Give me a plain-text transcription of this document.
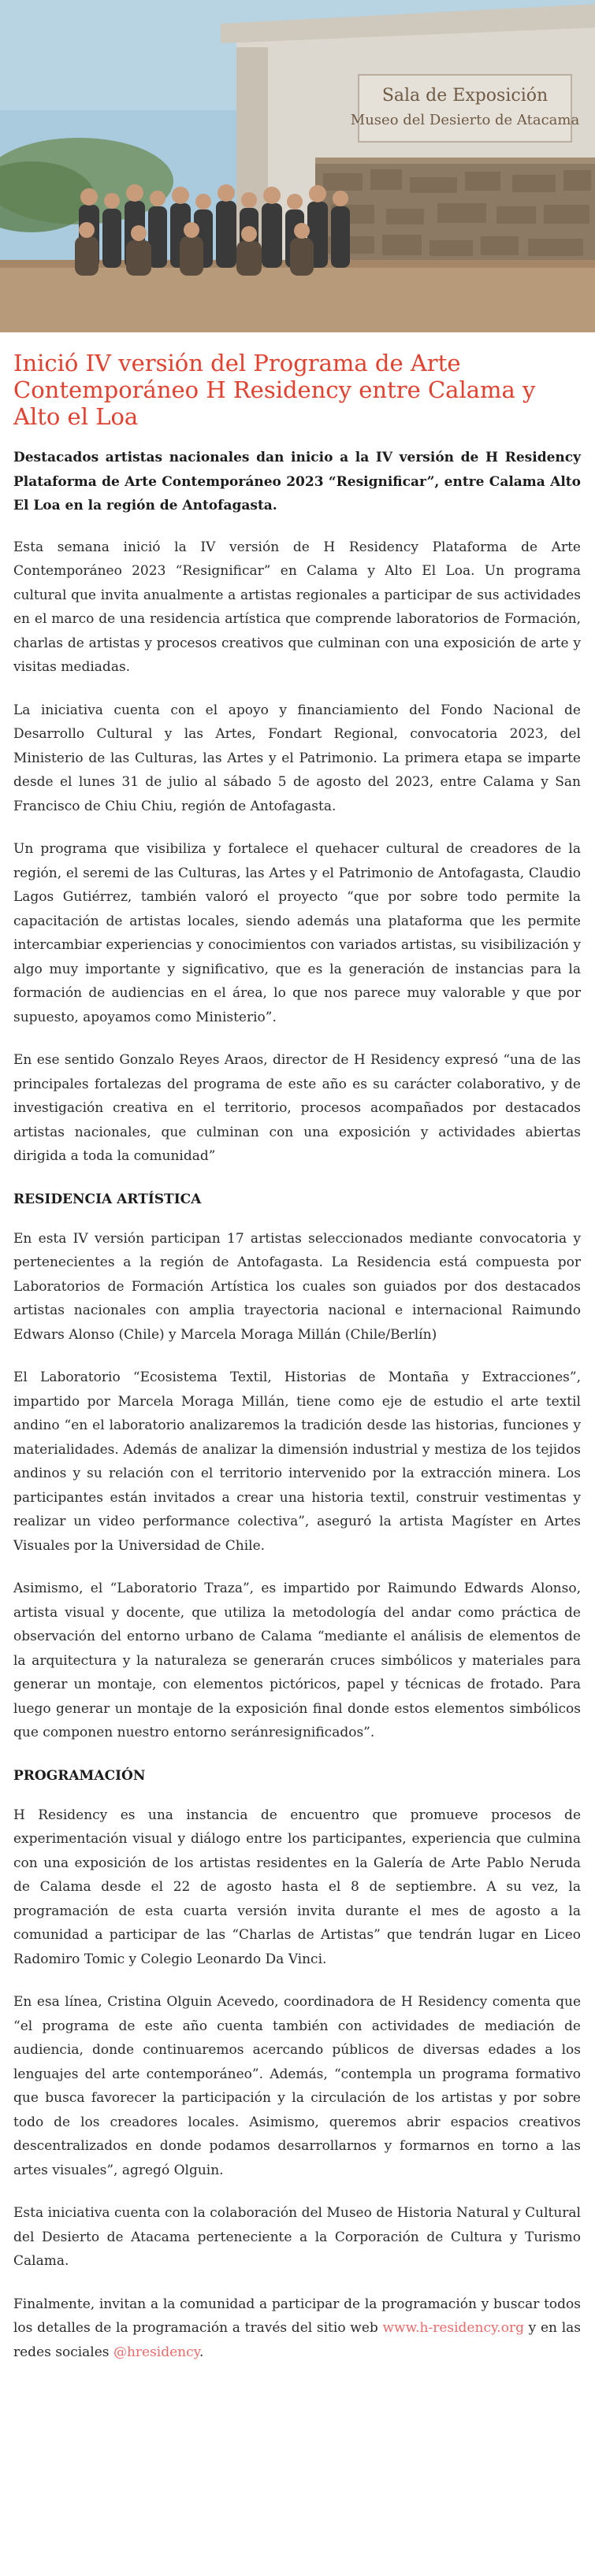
Sala de Exposición
Museo del Desierto de Atacama
Inició IV versión del Programa de Arte Contemporáneo H Residency entre Calama y Alto el Loa
Destacados artistas nacionales dan inicio a la IV versión de H Residency Plataforma de Arte Contemporáneo 2023 “Resignificar”, entre Calama Alto El Loa en la región de Antofagasta.

Esta semana inició la IV versión de H Residency Plataforma de Arte Contemporáneo 2023 “Resignificar” en Calama y Alto El Loa. Un programa cultural que invita anualmente a artistas regionales a participar de sus actividades en el marco de una residencia artística que comprende laboratorios de Formación, charlas de artistas y procesos creativos que culminan con una exposición de arte y visitas mediadas.

La iniciativa cuenta con el apoyo y financiamiento del Fondo Nacional de Desarrollo Cultural y las Artes, Fondart Regional, convocatoria 2023, del Ministerio de las Culturas, las Artes y el Patrimonio. La primera etapa se imparte desde el lunes 31 de julio al sábado 5 de agosto del 2023, entre Calama y San Francisco de Chiu Chiu, región de Antofagasta.

Un programa que visibiliza y fortalece el quehacer cultural de creadores de la región, el seremi de las Culturas, las Artes y el Patrimonio de Antofagasta, Claudio Lagos Gutiérrez, también valoró el proyecto “que por sobre todo permite la capacitación de artistas locales, siendo además una plataforma que les permite intercambiar experiencias y conocimientos con variados artistas, su visibilización y algo muy importante y significativo, que es la generación de instancias para la formación de audiencias en el área, lo que nos parece muy valorable y que por supuesto, apoyamos como Ministerio”.

En ese sentido Gonzalo Reyes Araos, director de H Residency expresó “una de las principales fortalezas del programa de este año es su carácter colaborativo, y de investigación creativa en el territorio, procesos acompañados por destacados artistas nacionales, que culminan con una exposición y actividades abiertas dirigida a toda la comunidad”

RESIDENCIA ARTÍSTICA

En esta IV versión participan 17 artistas seleccionados mediante convocatoria y pertenecientes a la región de Antofagasta. La Residencia está compuesta por Laboratorios de Formación Artística los cuales son guiados por dos destacados artistas nacionales con amplia trayectoria nacional e internacional Raimundo Edwars Alonso (Chile) y Marcela Moraga Millán (Chile/Berlín)

El Laboratorio “Ecosistema Textil, Historias de Montaña y Extracciones”, impartido por Marcela Moraga Millán, tiene como eje de estudio el arte textil andino “en el laboratorio analizaremos la tradición desde las historias, funciones y materialidades. Además de analizar la dimensión industrial y mestiza de los tejidos andinos y su relación con el territorio intervenido por la extracción minera. Los participantes están invitados a crear una historia textil, construir vestimentas y realizar un video performance colectiva”, aseguró la artista Magíster en Artes Visuales por la Universidad de Chile.

Asimismo, el “Laboratorio Traza”, es impartido por Raimundo Edwards Alonso, artista visual y docente, que utiliza la metodología del andar como práctica de observación del entorno urbano de Calama “mediante el análisis de elementos de la arquitectura y la naturaleza se generarán cruces simbólicos y materiales para generar un montaje, con elementos pictóricos, papel y técnicas de frotado. Para luego generar un montaje de la exposición final donde estos elementos simbólicos que componen nuestro entorno seránresignificados”.

PROGRAMACIÓN

H Residency es una instancia de encuentro que promueve procesos de experimentación visual y diálogo entre los participantes, experiencia que culmina con una exposición de los artistas residentes en la Galería de Arte Pablo Neruda de Calama desde el 22 de agosto hasta el 8 de septiembre. A su vez, la programación de esta cuarta versión invita durante el mes de agosto a la comunidad a participar de las “Charlas de Artistas” que tendrán lugar en Liceo Radomiro Tomic y Colegio Leonardo Da Vinci.

En esa línea, Cristina Olguin Acevedo, coordinadora de H Residency comenta que “el programa de este año cuenta también con actividades de mediación de audiencia, donde continuaremos acercando públicos de diversas edades a los lenguajes del arte contemporáneo”. Además, “contempla un programa formativo que busca favorecer la participación y la circulación de los artistas y por sobre todo de los creadores locales. Asimismo, queremos abrir espacios creativos descentralizados en donde podamos desarrollarnos y formarnos en torno a las artes visuales”, agregó Olguin.

Esta iniciativa cuenta con la colaboración del Museo de Historia Natural y Cultural del Desierto de Atacama perteneciente a la Corporación de Cultura y Turismo Calama.

Finalmente, invitan a la comunidad a participar de la programación y buscar todos los detalles de la programación a través del sitio web www.h-residency.org y en las redes sociales @hresidency.
